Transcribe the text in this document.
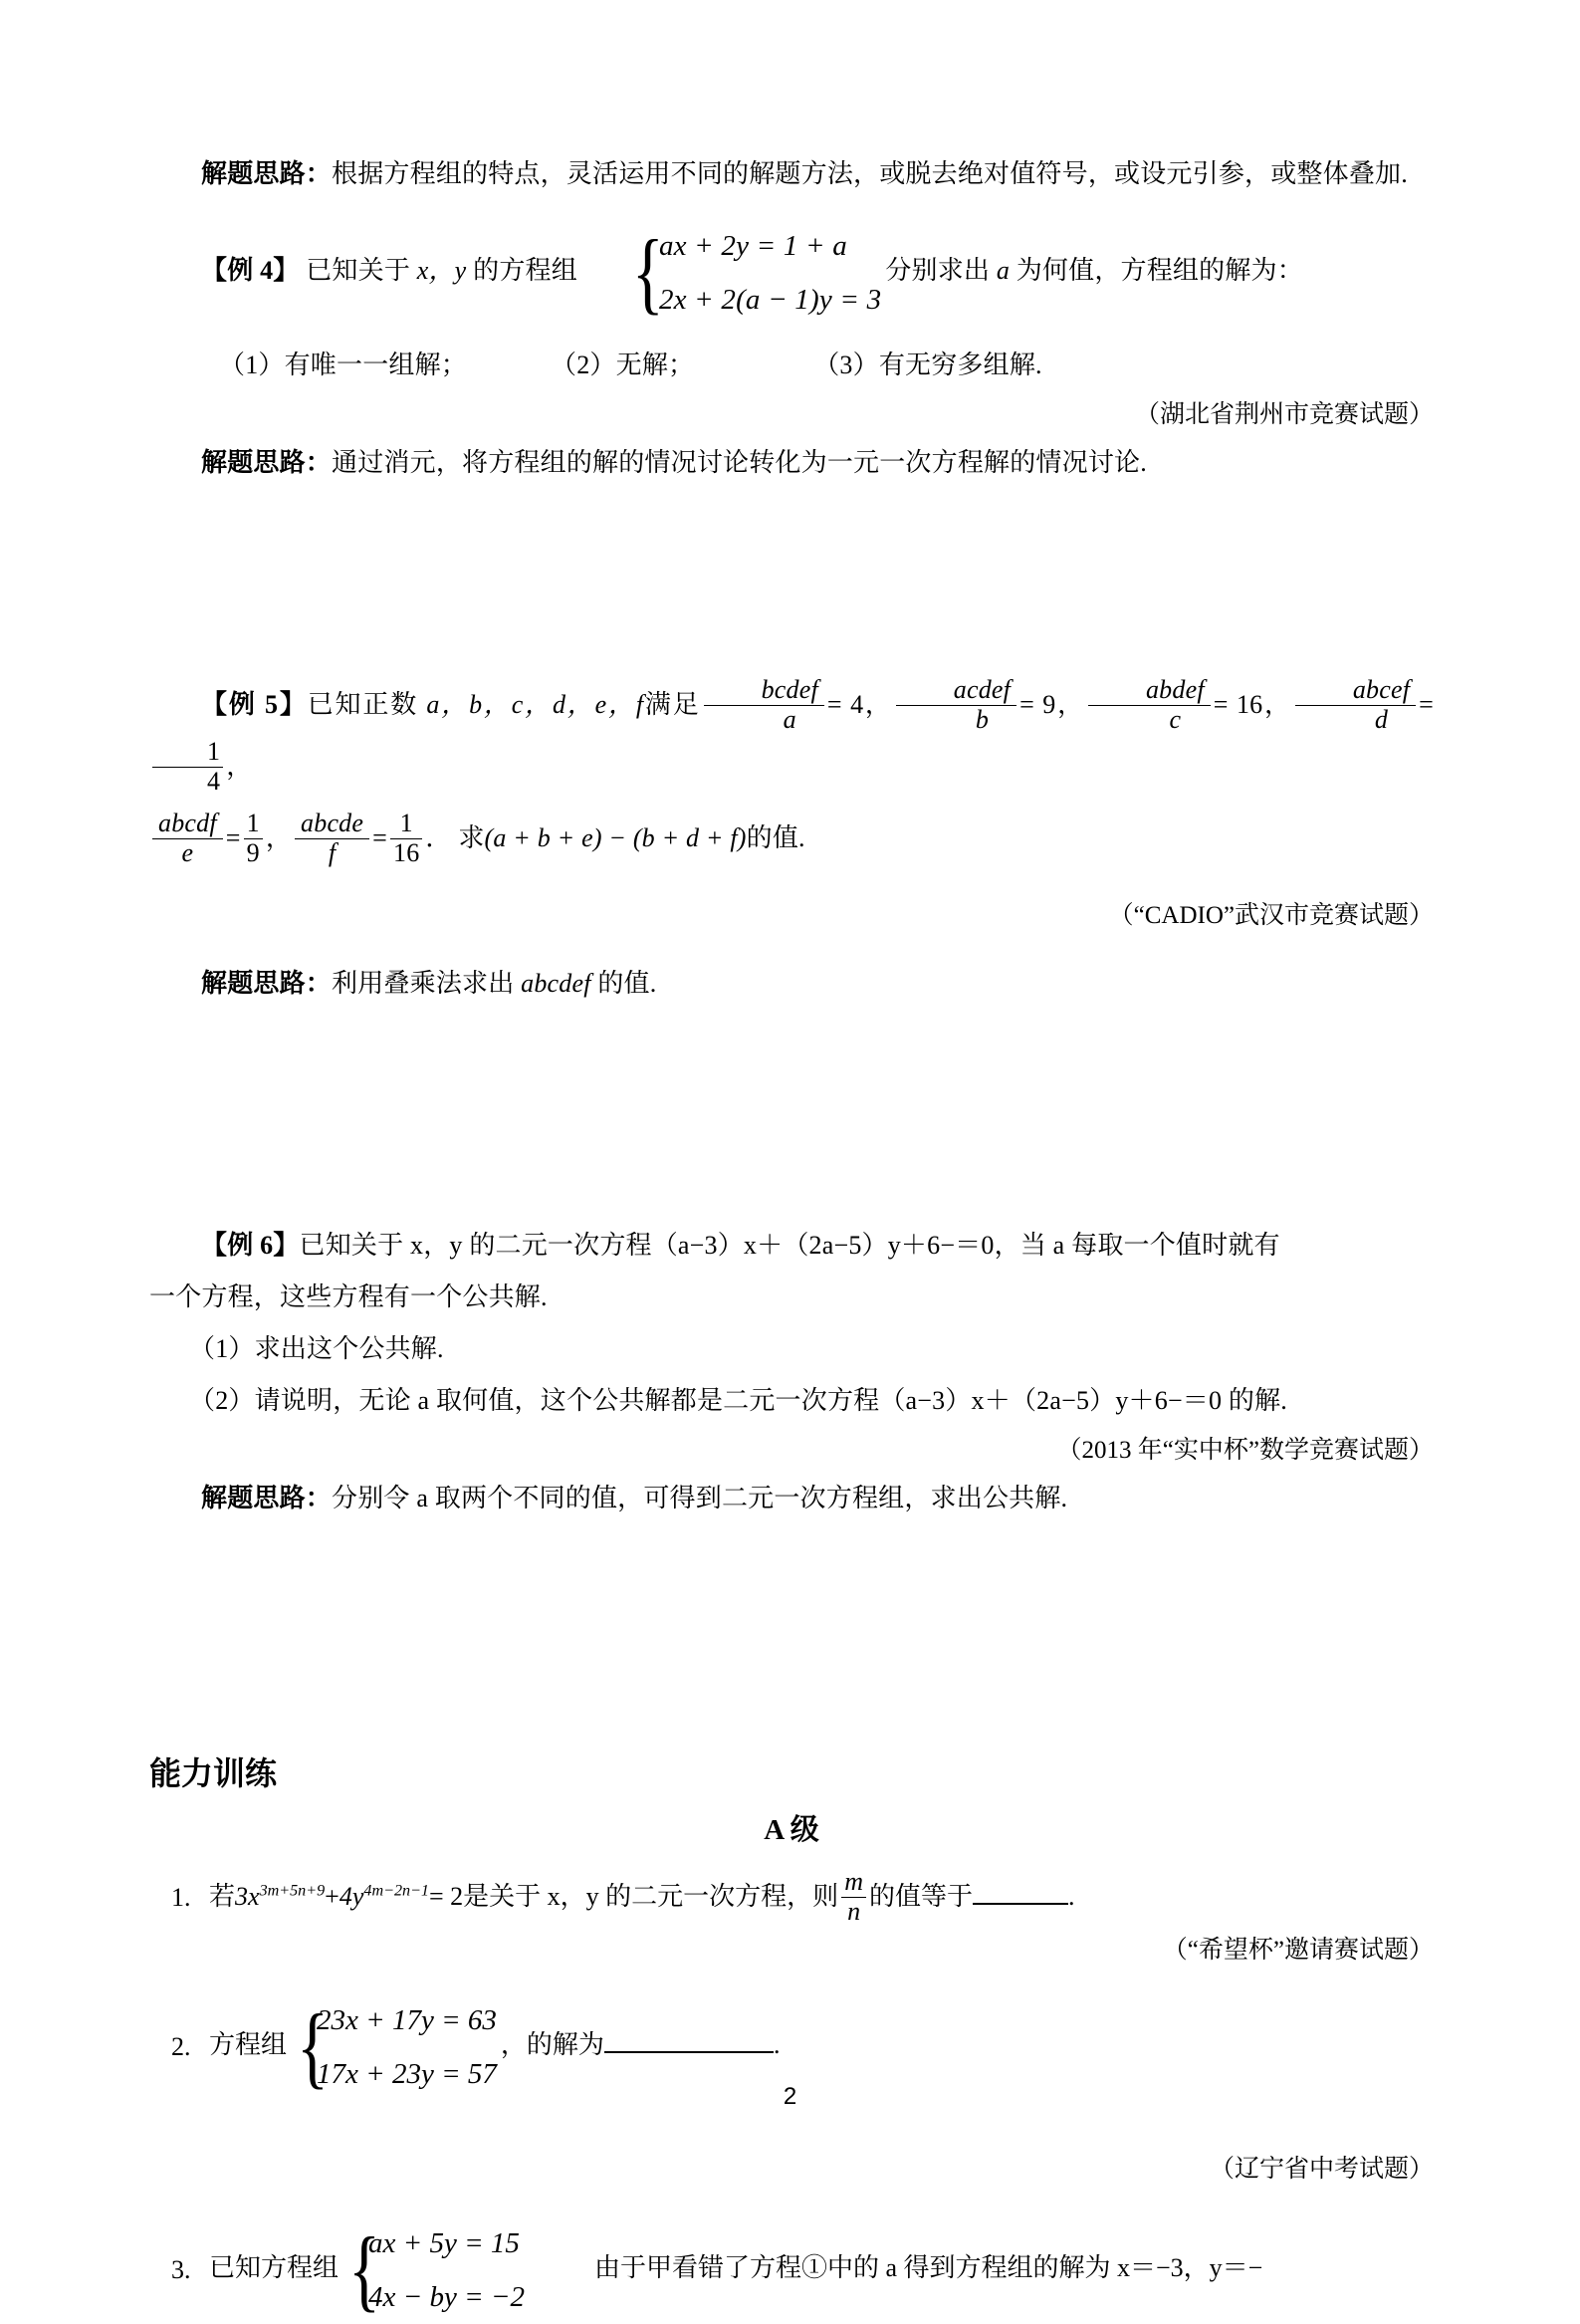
解题思路：根据方程组的特点，灵活运用不同的解题方法，或脱去绝对值符号，或设元引参，或整体叠加.

【例 4】 已知关于 x，y 的方程组 {
ax + 2y = 1 + a
2x + 2(a − 1)y = 3
分别求出 a 为何值，方程组的解为：

（1）有唯一一组解；	（2）无解；	（3）有无穷多组解.

（湖北省荆州市竞赛试题）

解题思路：通过消元，将方程组的解的情况讨论转化为一元一次方程解的情况讨论.

【例 5】已知正数 a，b，c，d，e，f满足 $\frac{\text{bcdef}}{a} = 4$， $\frac{\text{acdef}}{b} = 9$， $\frac{\text{abdef}}{c} = 16$， $\frac{\text{abcef}}{d}$ =
$\frac{1}{4}$ ，

$\frac{\text{abcdf}}{e} = \frac{1}{9}$ ， $\frac{\text{abcde}}{f} = \frac{1}{16}$ ． 求(a + b + e) − (b + d + f)的值.

（“CADIO”武汉市竞赛试题）

解题思路：利用叠乘法求出 abcdef 的值.

【例 6】已知关于 x，y 的二元一次方程（a−3）x＋（2a−5）y＋6−＝0，当 a 每取一个值时就有

一个方程，这些方程有一个公共解.

（1）求出这个公共解.

（2）请说明，无论 a 取何值，这个公共解都是二元一次方程（a−3）x＋（2a−5）y＋6−＝0 的解.

（2013 年“实中杯”数学竞赛试题）

解题思路：分别令 a 取两个不同的值，可得到二元一次方程组，求出公共解.

能力训练

A 级

1. 若$3x^{3m+5n+9}+4y^{4m-2n-1}= 2$是关于 x，y 的二元一次方程，则 $\frac{m}{n}$ 的值等于	.

（“希望杯”邀请赛试题）

2. 方程组 {
23x + 17y = 63
17x + 23y = 57
，的解为	.

（辽宁省中考试题）

3. 已知方程组 {
ax + 5y = 15
4x − by = −2
由于甲看错了方程①中的 a 得到方程组的解为 x＝−3，y＝−
2
